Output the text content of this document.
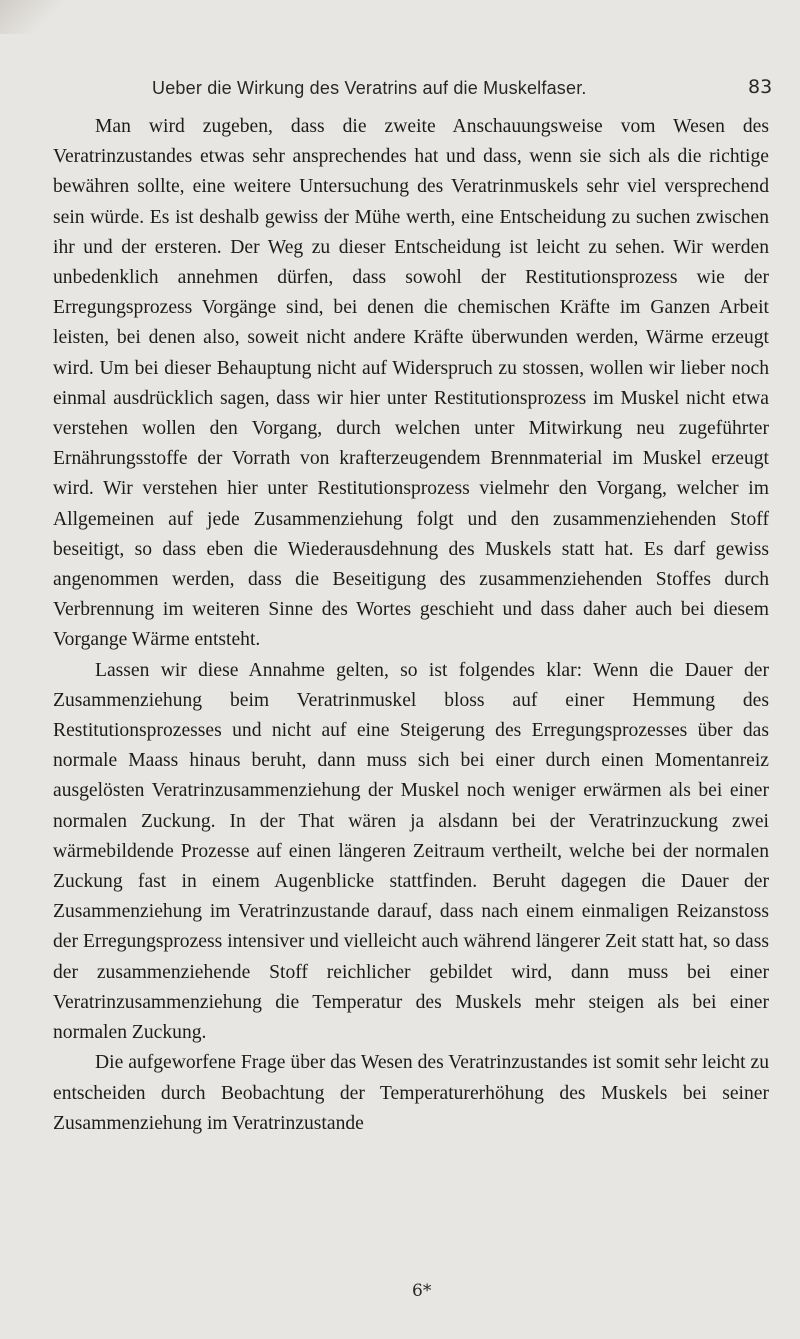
Ueber die Wirkung des Veratrins auf die Muskelfaser.	83

Man wird zugeben, dass die zweite Anschauungsweise vom Wesen des Veratrinzustandes etwas sehr ansprechendes hat und dass, wenn sie sich als die richtige bewähren sollte, eine weitere Untersuchung des Veratrinmuskels sehr viel versprechend sein würde. Es ist deshalb gewiss der Mühe werth, eine Entscheidung zu suchen zwischen ihr und der ersteren. Der Weg zu dieser Entscheidung ist leicht zu sehen. Wir werden unbedenklich annehmen dürfen, dass sowohl der Restitutionsprozess wie der Erregungsprozess Vorgänge sind, bei denen die chemischen Kräfte im Ganzen Arbeit leisten, bei denen also, soweit nicht andere Kräfte überwunden werden, Wärme erzeugt wird. Um bei dieser Behauptung nicht auf Widerspruch zu stossen, wollen wir lieber noch einmal ausdrücklich sagen, dass wir hier unter Restitutionsprozess im Muskel nicht etwa verstehen wollen den Vorgang, durch welchen unter Mitwirkung neu zugeführter Ernährungsstoffe der Vorrath von krafterzeugendem Brennmaterial im Muskel erzeugt wird. Wir verstehen hier unter Restitutionsprozess vielmehr den Vorgang, welcher im Allgemeinen auf jede Zusammenziehung folgt und den zusammenziehenden Stoff beseitigt, so dass eben die Wiederausdehnung des Muskels statt hat. Es darf gewiss angenommen werden, dass die Beseitigung des zusammenziehenden Stoffes durch Verbrennung im weiteren Sinne des Wortes geschieht und dass daher auch bei diesem Vorgange Wärme entsteht.

Lassen wir diese Annahme gelten, so ist folgendes klar: Wenn die Dauer der Zusammenziehung beim Veratrinmuskel bloss auf einer Hemmung des Restitutionsprozesses und nicht auf eine Steigerung des Erregungsprozesses über das normale Maass hinaus beruht, dann muss sich bei einer durch einen Momentanreiz ausgelösten Veratrinzusammenziehung der Muskel noch weniger erwärmen als bei einer normalen Zuckung. In der That wären ja alsdann bei der Veratrinzuckung zwei wärmebildende Prozesse auf einen längeren Zeitraum vertheilt, welche bei der normalen Zuckung fast in einem Augenblicke stattfinden. Beruht dagegen die Dauer der Zusammenziehung im Veratrinzustande darauf, dass nach einem einmaligen Reizanstoss der Erregungsprozess intensiver und vielleicht auch während längerer Zeit statt hat, so dass der zusammenziehende Stoff reichlicher gebildet wird, dann muss bei einer Veratrinzusammenziehung die Temperatur des Muskels mehr steigen als bei einer normalen Zuckung.

Die aufgeworfene Frage über das Wesen des Veratrinzustandes ist somit sehr leicht zu entscheiden durch Beobachtung der Temperaturerhöhung des Muskels bei seiner Zusammenziehung im Veratrinzustande

6*
